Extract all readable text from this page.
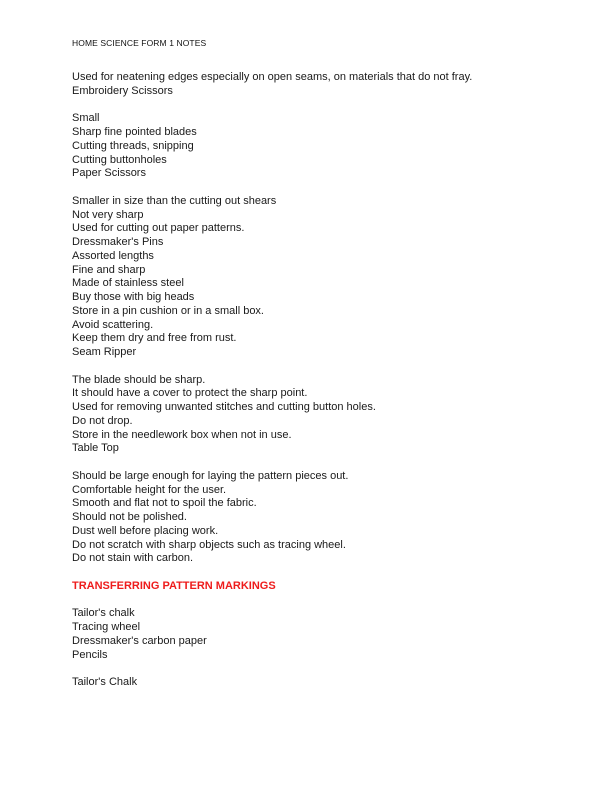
HOME SCIENCE FORM 1 NOTES
Used for neatening edges especially on open seams, on materials that do not fray.
Embroidery Scissors
Small
Sharp fine pointed blades
Cutting threads, snipping
Cutting buttonholes
Paper Scissors
Smaller in size than the cutting out shears
Not very sharp
Used for cutting out paper patterns.
Dressmaker's Pins
Assorted lengths
Fine and sharp
Made of stainless steel
Buy those with big heads
Store in a pin cushion or in a small box.
Avoid scattering.
Keep them dry and free from rust.
Seam Ripper
The blade should be sharp.
It should have a cover to protect the sharp point.
Used for removing unwanted stitches and cutting button holes.
Do not drop.
Store in the needlework box when not in use.
Table Top
Should be large enough for laying the pattern pieces out.
Comfortable height for the user.
Smooth and flat not to spoil the fabric.
Should not be polished.
Dust well before placing work.
Do not scratch with sharp objects such as tracing wheel.
Do not stain with carbon.
TRANSFERRING PATTERN MARKINGS
Tailor's chalk
Tracing wheel
Dressmaker's carbon paper
Pencils
Tailor's Chalk
